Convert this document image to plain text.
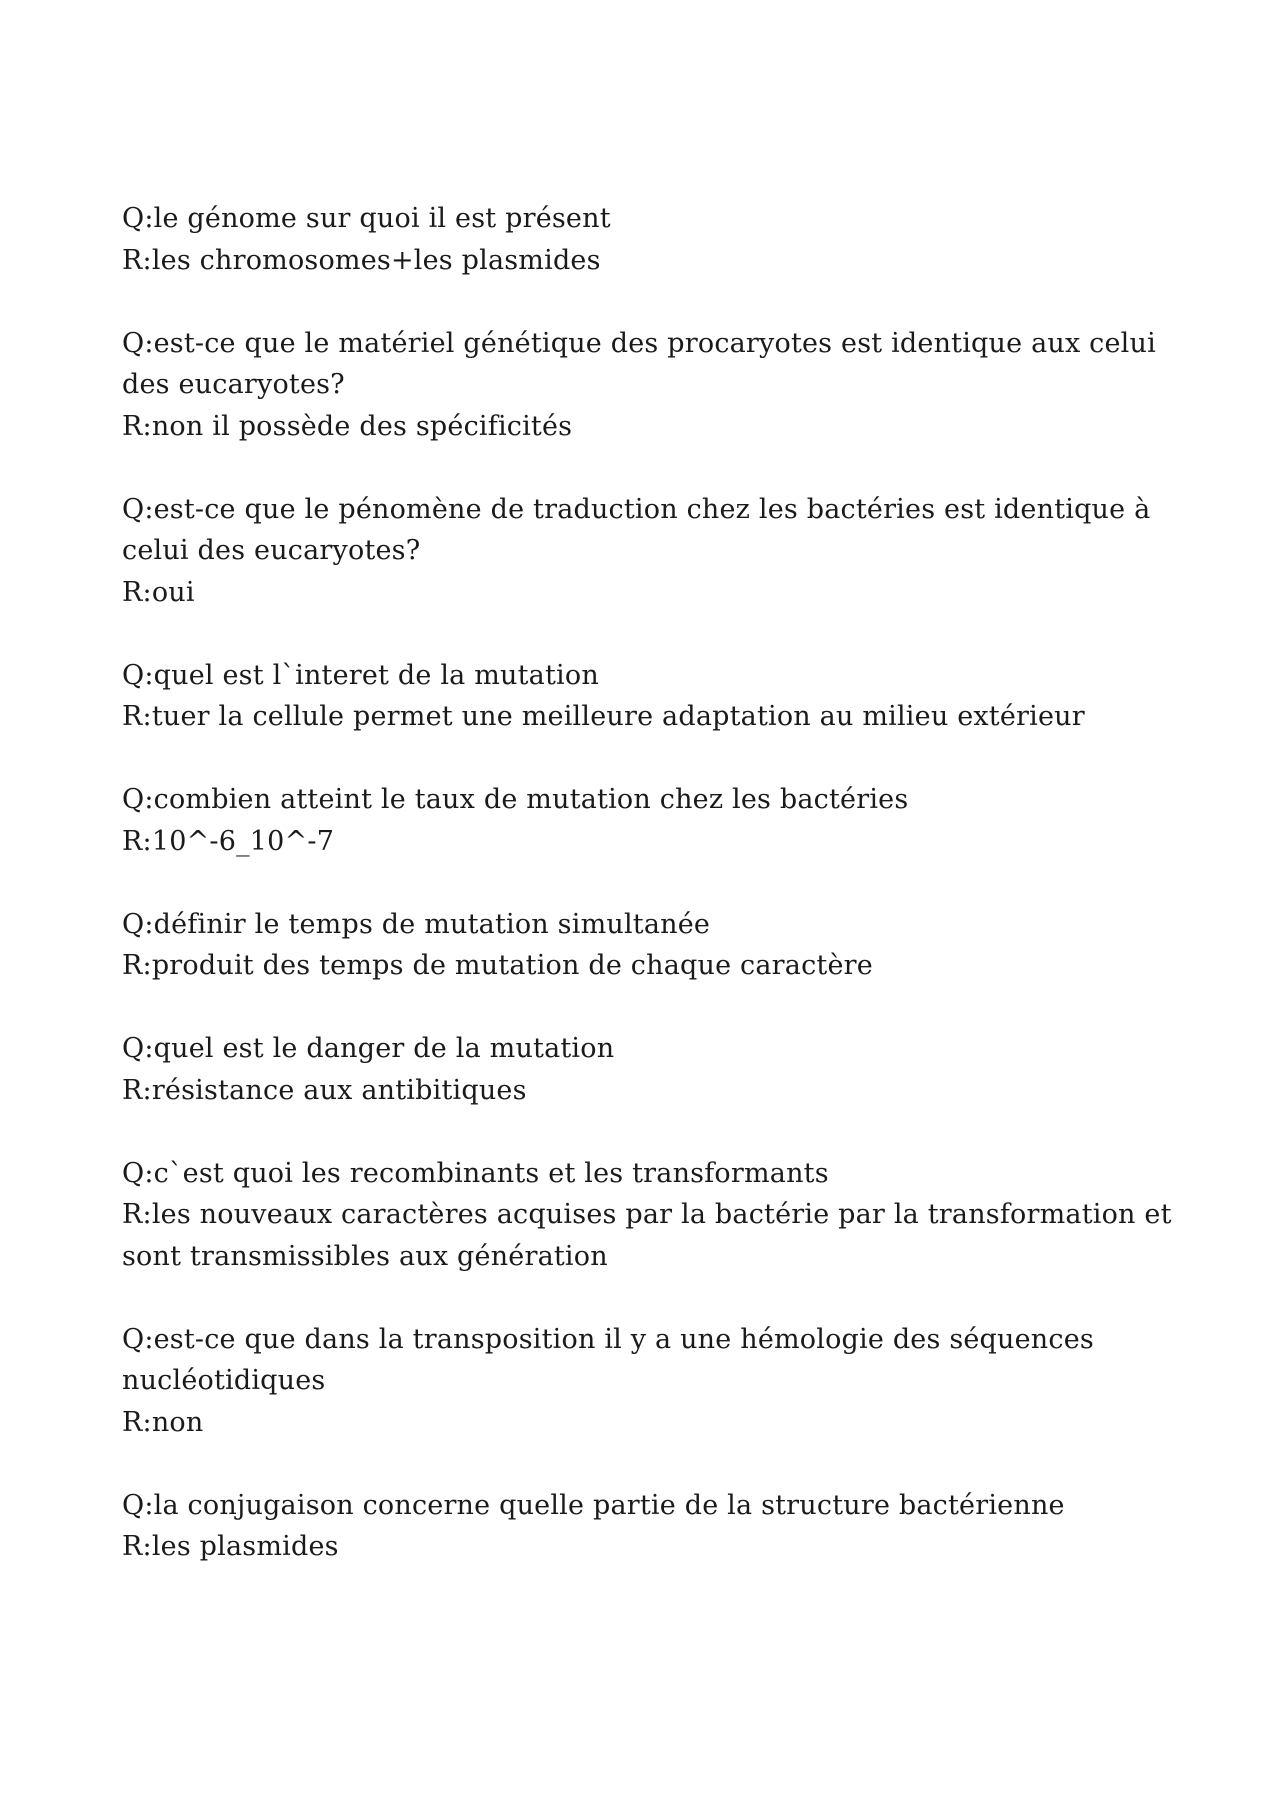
Q:le génome sur quoi il est présent

R:les chromosomes+les plasmides

Q:est-ce que le matériel génétique des procaryotes est identique aux celui des eucaryotes?

R:non il possède des spécificités

Q:est-ce que le pénomène de traduction chez les bactéries est identique à celui des eucaryotes?

R:oui

Q:quel est l`interet de la mutation

R:tuer la cellule permet une meilleure adaptation au milieu extérieur

Q:combien atteint le taux de mutation chez les bactéries

R:10^-6_10^-7

Q:définir le temps de mutation simultanée

R:produit des temps de mutation de chaque caractère

Q:quel est le danger de la mutation

R:résistance aux antibitiques

Q:c`est quoi les recombinants et les transformants

R:les nouveaux caractères acquises par la bactérie par la transformation et sont transmissibles aux génération

Q:est-ce que dans la transposition il y a une hémologie des séquences nucléotidiques

R:non

Q:la conjugaison concerne quelle partie de la structure bactérienne

R:les plasmides
